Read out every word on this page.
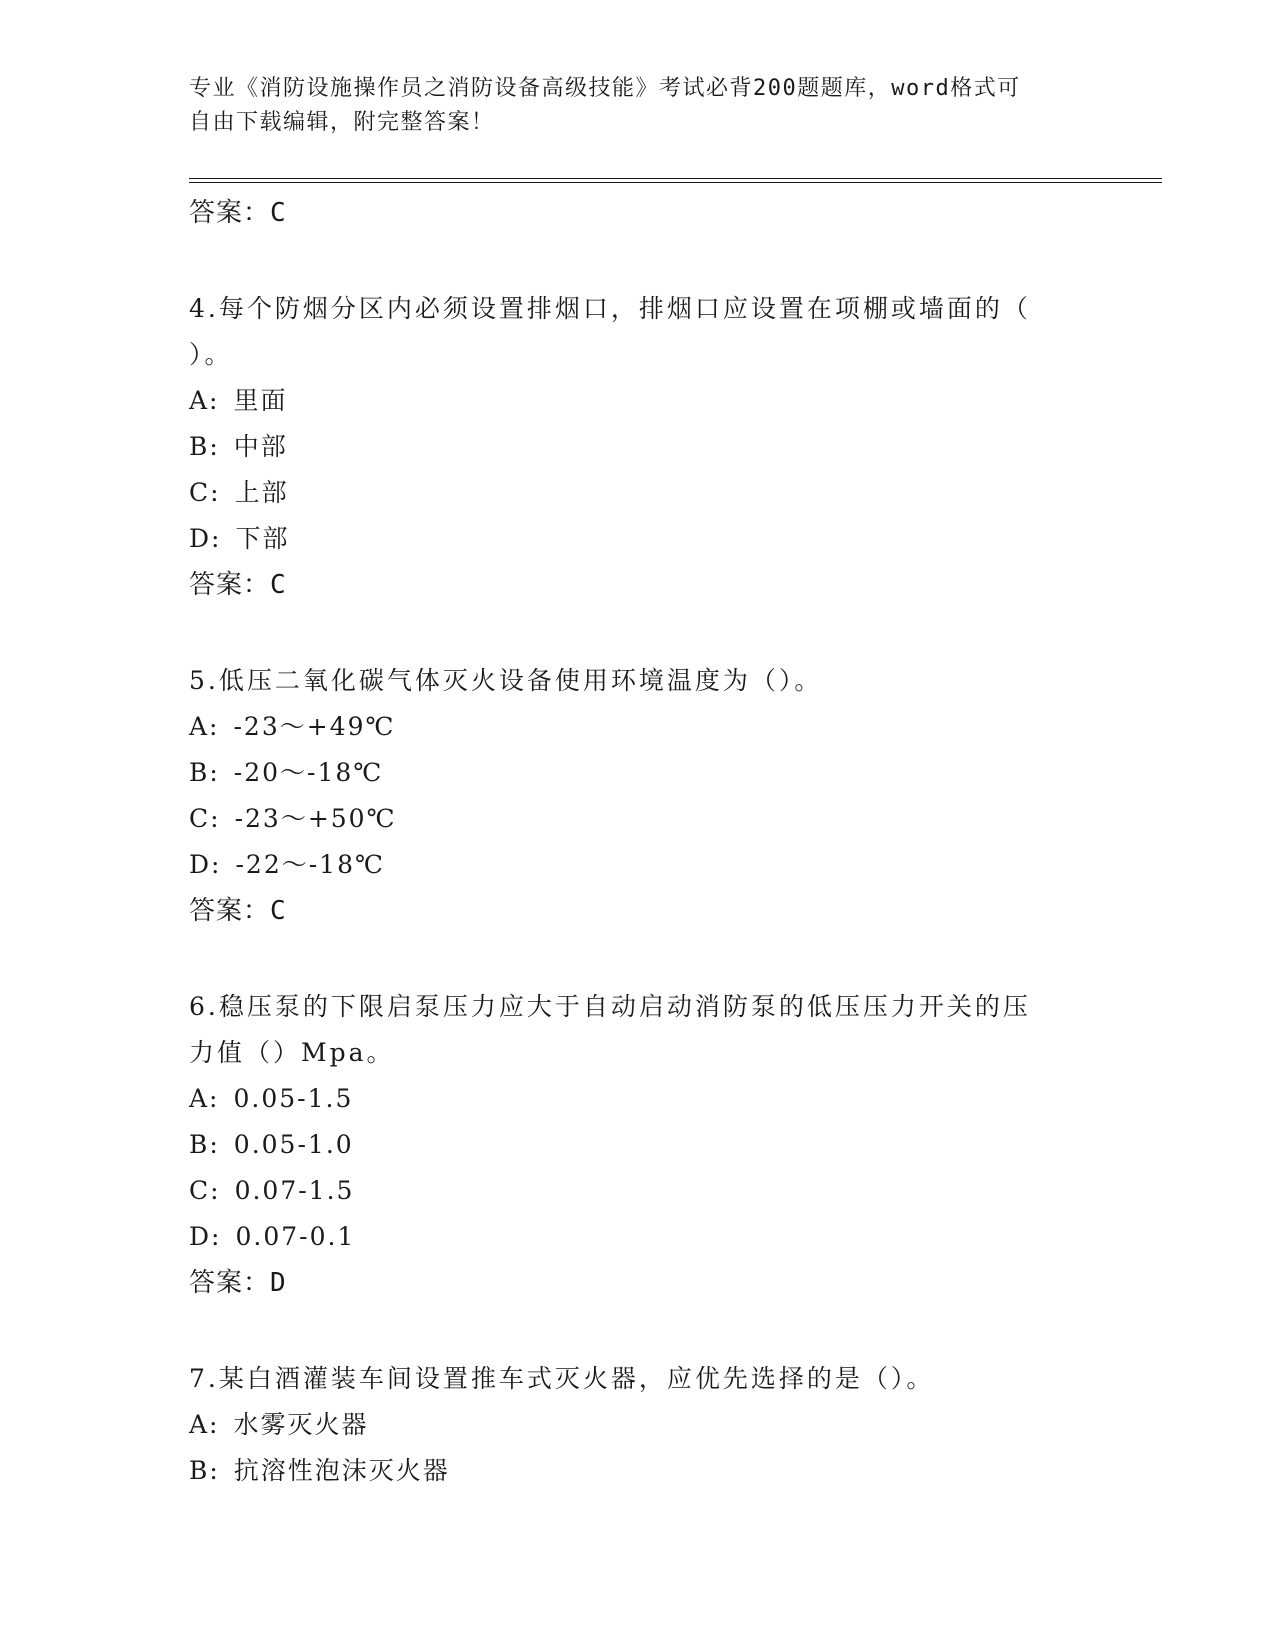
专业《消防设施操作员之消防设备高级技能》考试必背200题题库，word格式可
自由下载编辑，附完整答案！
答案：C
4.每个防烟分区内必须设置排烟口，排烟口应设置在项棚或墙面的（
）。
A: 里面
B: 中部
C: 上部
D: 下部
答案：C
5.低压二氧化碳气体灭火设备使用环境温度为（）。
A: -23～+49℃
B: -20～-18℃
C: -23～+50℃
D: -22～-18℃
答案：C
6.稳压泵的下限启泵压力应大于自动启动消防泵的低压压力开关的压
力值（）Mpa。
A: 0.05-1.5
B: 0.05-1.0
C: 0.07-1.5
D: 0.07-0.1
答案：D
7.某白酒灌装车间设置推车式灭火器，应优先选择的是（）。
A: 水雾灭火器
B: 抗溶性泡沫灭火器
